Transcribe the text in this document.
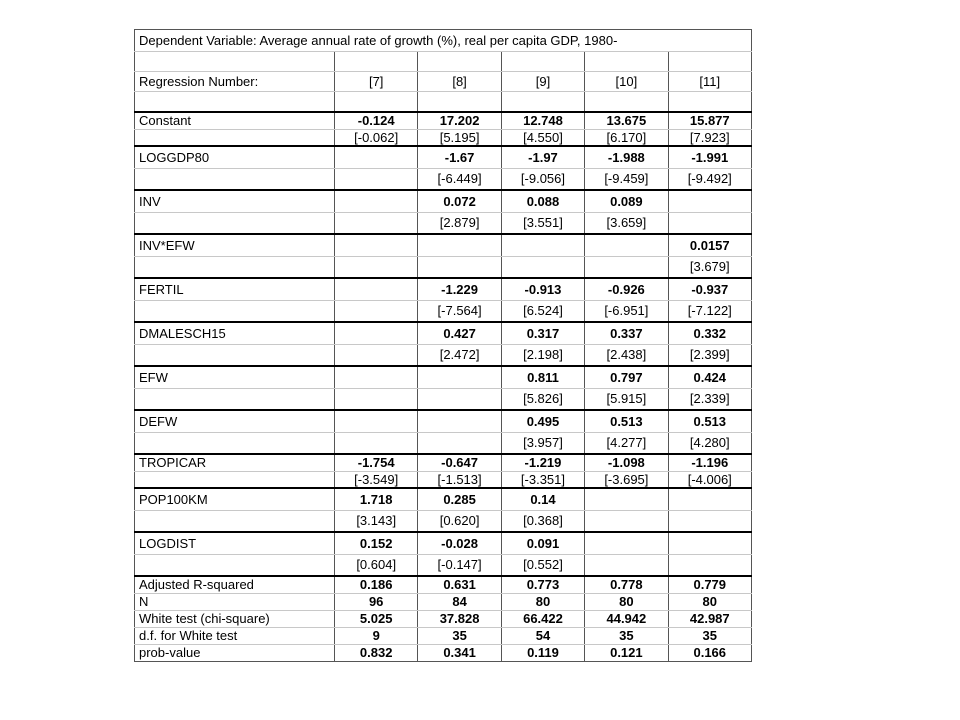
Dependent Variable: Average annual rate of growth (%), real per capita GDP, 1980-					

Regression Number:	[7]	[8]	[9]	[10]	[11]

Constant	-0.124	17.202	12.748	13.675	15.877
	[-0.062]	[5.195]	[4.550]	[6.170]	[7.923]
LOGGDP80		-1.67	-1.97	-1.988	-1.991
		[-6.449]	[-9.056]	[-9.459]	[-9.492]
INV		0.072	0.088	0.089	
		[2.879]	[3.551]	[3.659]	
INV*EFW					0.0157
					[3.679]
FERTIL		-1.229	-0.913	-0.926	-0.937
		[-7.564]	[6.524]	[-6.951]	[-7.122]
DMALESCH15		0.427	0.317	0.337	0.332
		[2.472]	[2.198]	[2.438]	[2.399]
EFW			0.811	0.797	0.424
			[5.826]	[5.915]	[2.339]
DEFW			0.495	0.513	0.513
			[3.957]	[4.277]	[4.280]
TROPICAR	-1.754	-0.647	-1.219	-1.098	-1.196
	[-3.549]	[-1.513]	[-3.351]	[-3.695]	[-4.006]
POP100KM	1.718	0.285	0.14		
	[3.143]	[0.620]	[0.368]		
LOGDIST	0.152	-0.028	0.091		
	[0.604]	[-0.147]	[0.552]		
Adjusted R-squared	0.186	0.631	0.773	0.778	0.779
N	96	84	80	80	80
White test (chi-square)	5.025	37.828	66.422	44.942	42.987
d.f. for White test	9	35	54	35	35
prob-value	0.832	0.341	0.119	0.121	0.166
